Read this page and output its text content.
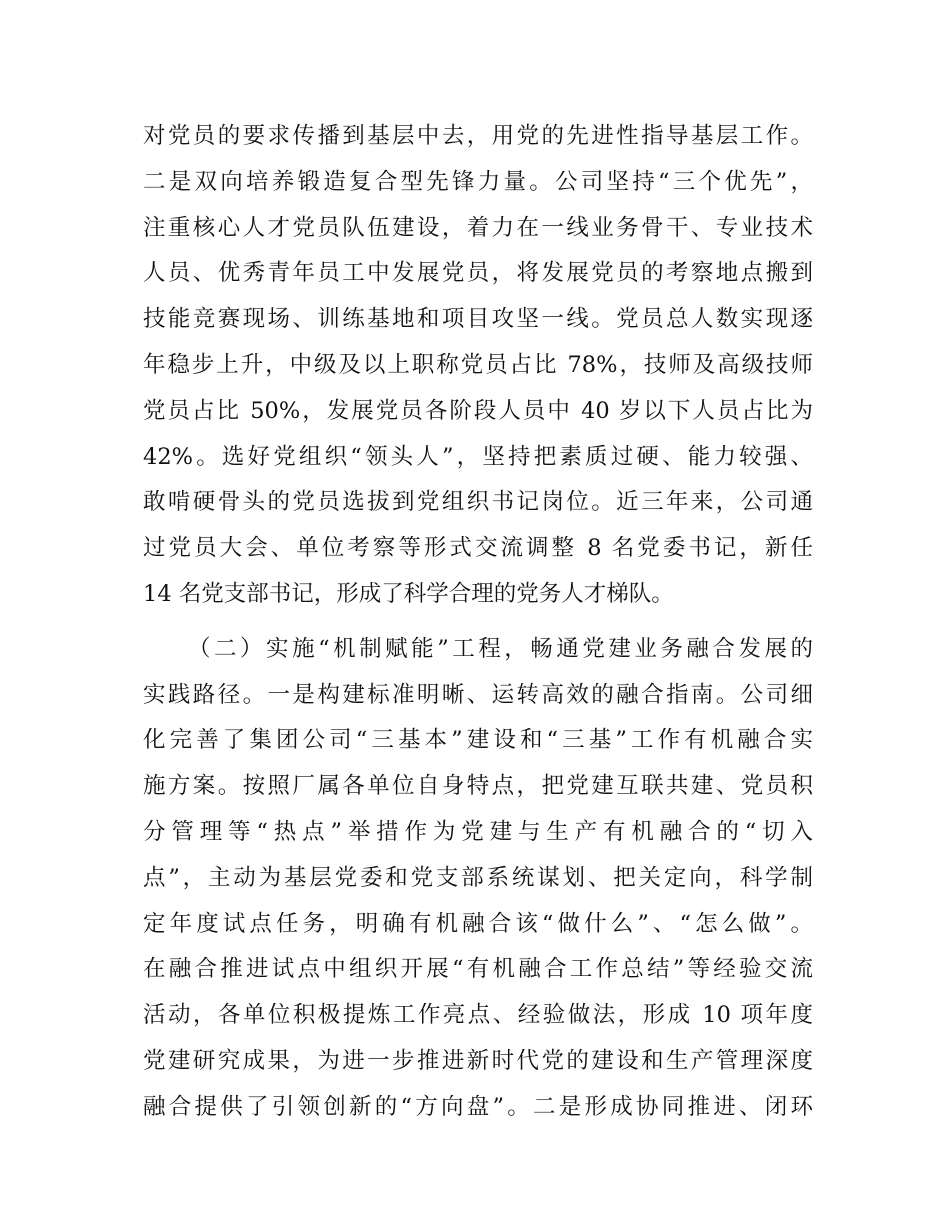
对党员的要求传播到基层中去，用党的先进性指导基层工作。
二是双向培养锻造复合型先锋力量。公司坚持“三个优先”，
注重核心人才党员队伍建设，着力在一线业务骨干、专业技术
人员、优秀青年员工中发展党员，将发展党员的考察地点搬到
技能竞赛现场、训练基地和项目攻坚一线。党员总人数实现逐
年稳步上升，中级及以上职称党员占比 78%，技师及高级技师
党员占比 50%，发展党员各阶段人员中 40 岁以下人员占比为
42%。选好党组织“领头人”，坚持把素质过硬、能力较强、
敢啃硬骨头的党员选拔到党组织书记岗位。近三年来，公司通
过党员大会、单位考察等形式交流调整 8 名党委书记，新任
14 名党支部书记，形成了科学合理的党务人才梯队。
（二）实施“机制赋能”工程，畅通党建业务融合发展的
实践路径。一是构建标准明晰、运转高效的融合指南。公司细
化完善了集团公司“三基本”建设和“三基”工作有机融合实
施方案。按照厂属各单位自身特点，把党建互联共建、党员积
分管理等“热点”举措作为党建与生产有机融合的“切入
点”，主动为基层党委和党支部系统谋划、把关定向，科学制
定年度试点任务，明确有机融合该“做什么”、“怎么做”。
在融合推进试点中组织开展“有机融合工作总结”等经验交流
活动，各单位积极提炼工作亮点、经验做法，形成 10 项年度
党建研究成果，为进一步推进新时代党的建设和生产管理深度
融合提供了引领创新的“方向盘”。二是形成协同推进、闭环
